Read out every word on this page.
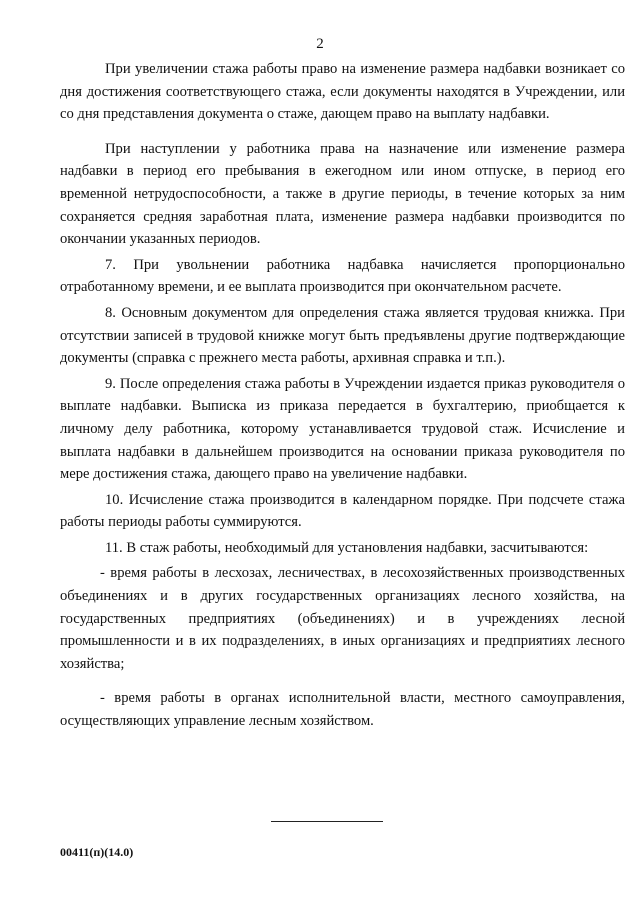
2

При увеличении стажа работы право на изменение размера надбавки возникает со дня достижения соответствующего стажа, если документы находятся в Учреждении, или со дня представления документа о стаже, дающем право на выплату надбавки.

При наступлении у работника права на назначение или изменение размера надбавки в период его пребывания в ежегодном или ином отпуске, в период его временной нетрудоспособности, а также в другие периоды, в течение которых за ним сохраняется средняя заработная плата, изменение размера надбавки производится по окончании указанных периодов.

7. При увольнении работника надбавка начисляется пропорционально отработанному времени, и ее выплата производится при окончательном расчете.

8. Основным документом для определения стажа является трудовая книжка. При отсутствии записей в трудовой книжке могут быть предъявлены другие подтверждающие документы (справка с прежнего места работы, архивная справка и т.п.).

9. После определения стажа работы в Учреждении издается приказ руководителя о выплате надбавки. Выписка из приказа передается в бухгалтерию, приобщается к личному делу работника, которому устанавливается трудовой стаж. Исчисление и выплата надбавки в дальнейшем производится на основании приказа руководителя по мере достижения стажа, дающего право на увеличение надбавки.

10. Исчисление стажа производится в календарном порядке. При подсчете стажа работы периоды работы суммируются.

11. В стаж работы, необходимый для установления надбавки, засчитываются:

- время работы в лесхозах, лесничествах, в лесохозяйственных производственных объединениях и в других государственных организациях лесного хозяйства, на государственных предприятиях (объединениях) и в учреждениях лесной промышленности и в их подразделениях, в иных организациях и предприятиях лесного хозяйства;

- время работы в органах исполнительной власти, местного самоуправления, осуществляющих управление лесным хозяйством.

00411(п)(14.0)
